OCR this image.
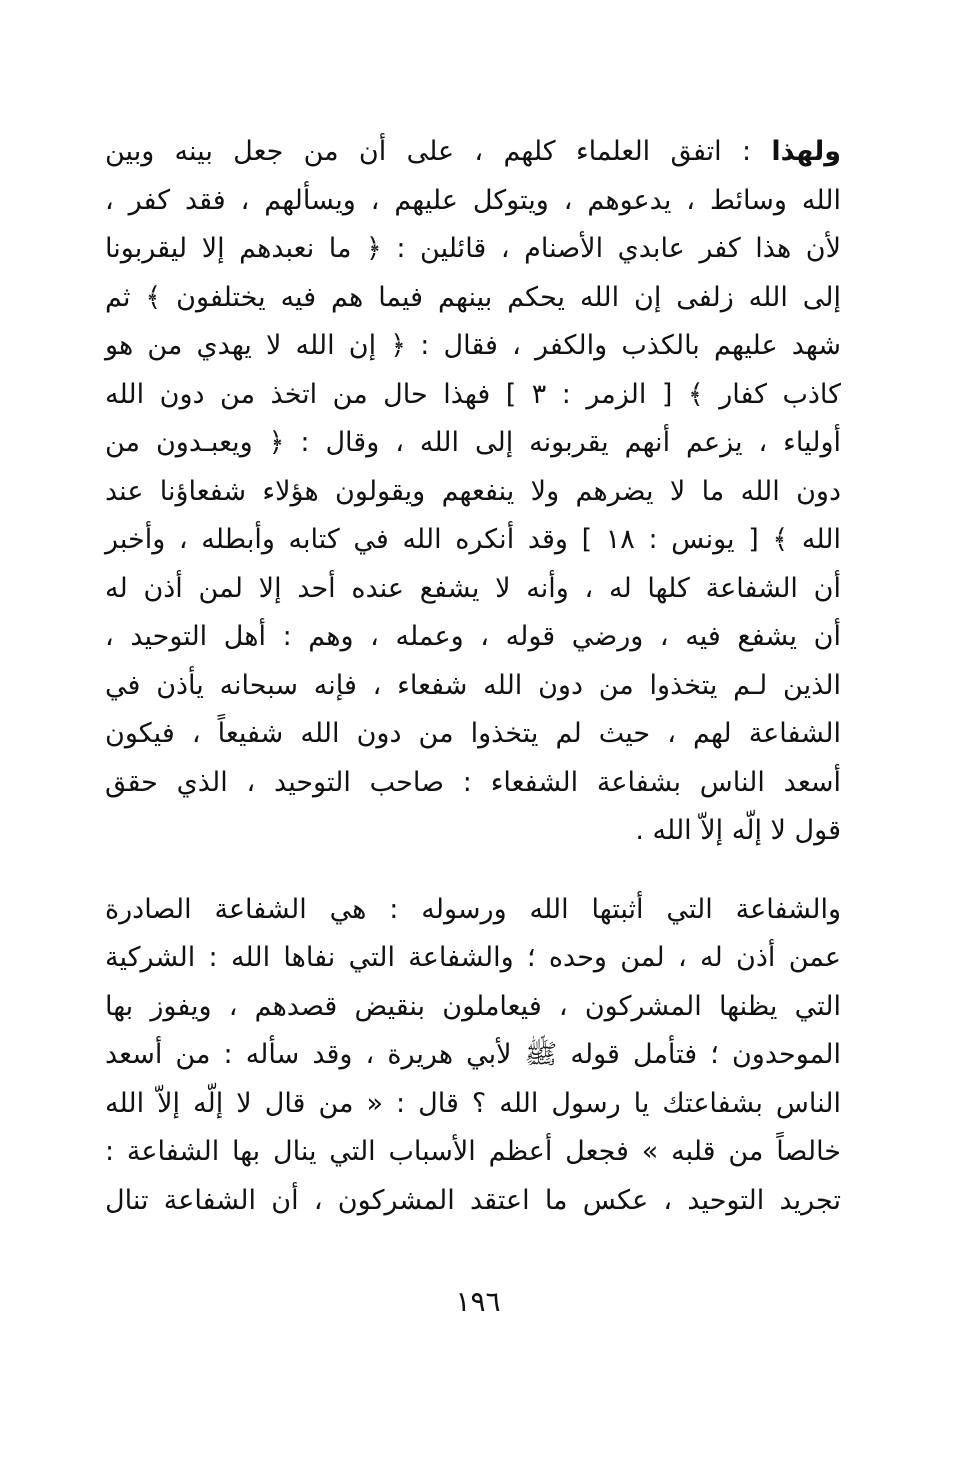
ولهذا : اتفق العلماء كلهم ، على أن من جعل بينه وبين
الله وسائط ، يدعوهم ، ويتوكل عليهم ، ويسألهم ، فقد كفر ،
لأن هذا كفر عابدي الأصنام ، قائلين : ﴿ ما نعبدهم إلا ليقربونا
إلى الله زلفى إن الله يحكم بينهم فيما هم فيه يختلفون ﴾ ثم
شهد عليهم بالكذب والكفر ، فقال : ﴿ إن الله لا يهدي من هو
كاذب كفار ﴾ [ الزمر : ٣ ] فهذا حال من اتخذ من دون الله
أولياء ، يزعم أنهم يقربونه إلى الله ، وقال : ﴿ ويعبـدون من
دون الله ما لا يضرهم ولا ينفعهم ويقولون هؤلاء شفعاؤنا عند
الله ﴾ [ يونس : ١٨ ] وقد أنكره الله في كتابه وأبطله ، وأخبر
أن الشفاعة كلها له ، وأنه لا يشفع عنده أحد إلا لمن أذن له
أن يشفع فيه ، ورضي قوله ، وعمله ، وهم : أهل التوحيد ،
الذين لـم يتخذوا من دون الله شفعاء ، فإنه سبحانه يأذن في
الشفاعة لهم ، حيث لم يتخذوا من دون الله شفيعاً ، فيكون
أسعد الناس بشفاعة الشفعاء : صاحب التوحيد ، الذي حقق
قول لا إلّه إلاّ الله .
والشفاعة التي أثبتها الله ورسوله : هي الشفاعة الصادرة
عمن أذن له ، لمن وحده ؛ والشفاعة التي نفاها الله : الشركية
التي يظنها المشركون ، فيعاملون بنقيض قصدهم ، ويفوز بها
الموحدون ؛ فتأمل قوله ﷺ لأبي هريرة ، وقد سأله : من أسعد
الناس بشفاعتك يا رسول الله ؟ قال : « من قال لا إلّه إلاّ الله
خالصاً من قلبه » فجعل أعظم الأسباب التي ينال بها الشفاعة :
تجريد التوحيد ، عكس ما اعتقد المشركون ، أن الشفاعة تنال
١٩٦
